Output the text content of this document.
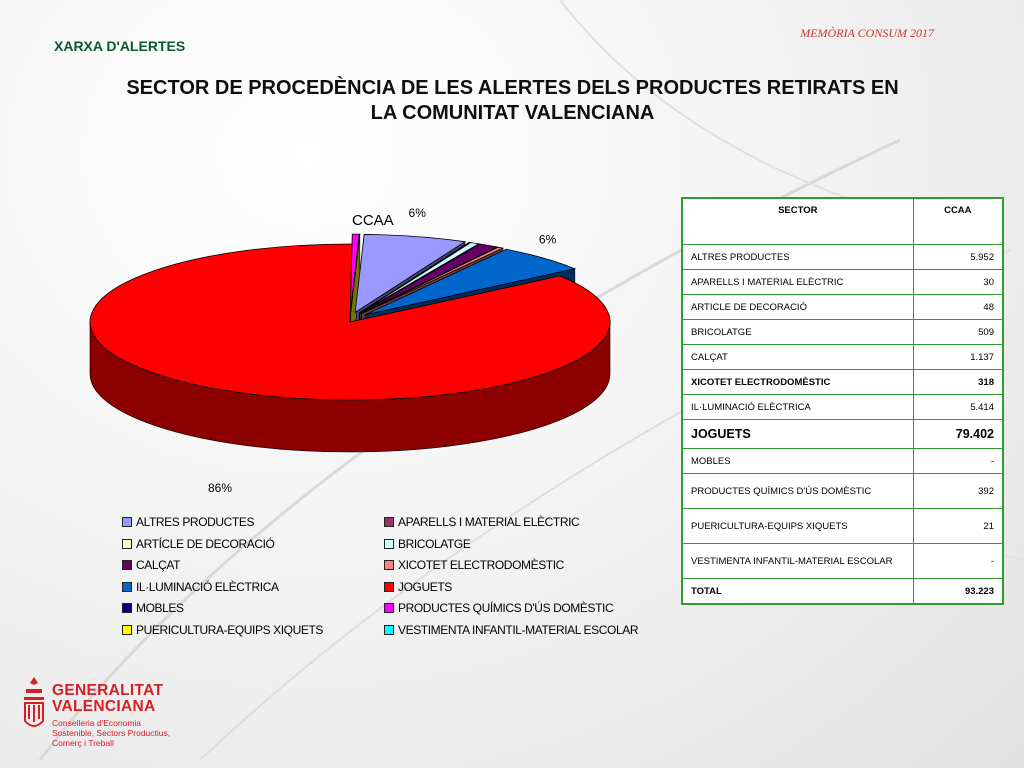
MEMÒRIA CONSUM 2017
XARXA D'ALERTES
SECTOR DE PROCEDÈNCIA DE LES ALERTES DELS PRODUCTES RETIRATS EN
LA COMUNITAT VALENCIANA
CCAA 6%
6%
86%
ALTRES PRODUCTES	APARELLS I MATERIAL ELÈCTRIC
ARTÍCLE DE DECORACIÓ	BRICOLATGE
CALÇAT	XICOTET ELECTRODOMÈSTIC
IL·LUMINACIÓ ELÈCTRICA	JOGUETS
MOBLES	PRODUCTES QUÍMICS D'ÚS DOMÈSTIC
PUERICULTURA-EQUIPS XIQUETS	VESTIMENTA INFANTIL-MATERIAL ESCOLAR
SECTOR	CCAA
ALTRES PRODUCTES	5.952
APARELLS I MATERIAL ELÈCTRIC	30
ARTICLE DE DECORACIÓ	48
BRICOLATGE	509
CALÇAT	1.137
XICOTET ELECTRODOMÈSTIC	318
IL·LUMINACIÓ ELÈCTRICA	5.414
JOGUETS	79.402
MOBLES	-
PRODUCTES QUÍMICS D'ÚS DOMÈSTIC	392
PUERICULTURA-EQUIPS XIQUETS	21
VESTIMENTA INFANTIL-MATERIAL ESCOLAR	-
TOTAL	93.223
GENERALITAT
VALENCIANA
Conselleria d'Economia
Sostenible, Sectors Productius,
Comerç i Treball
